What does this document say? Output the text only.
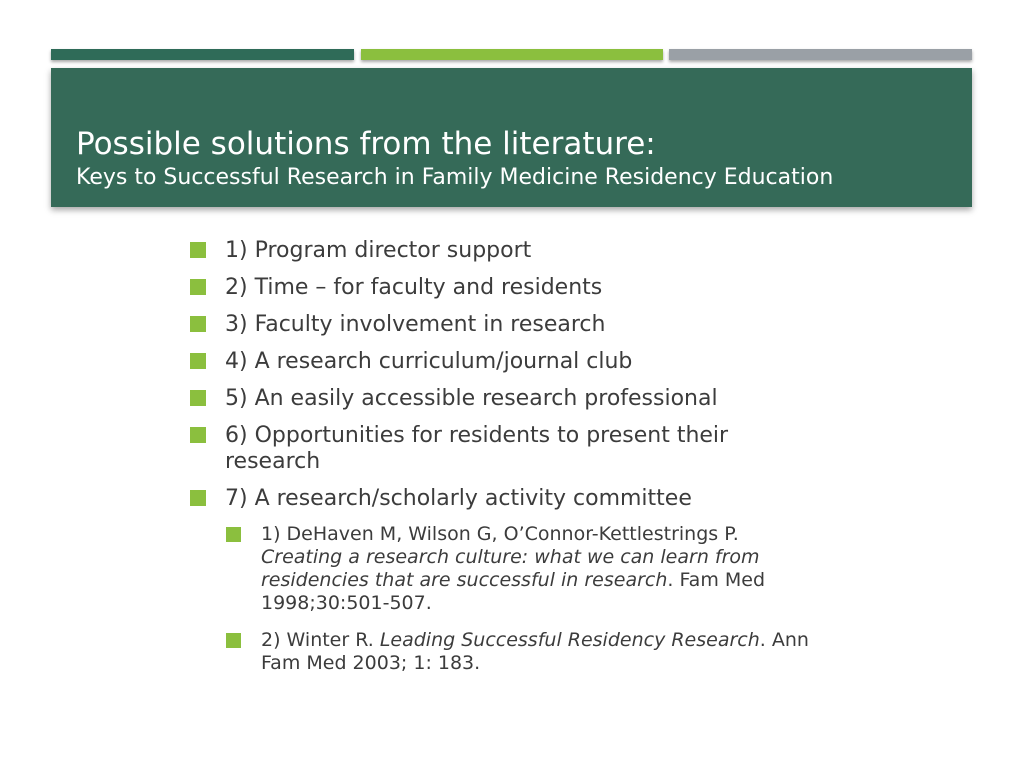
Possible solutions from the literature:
Keys to Successful Research in Family Medicine Residency Education
1) Program director support
2) Time – for faculty and residents
3) Faculty involvement in research
4) A research curriculum/journal club
5) An easily accessible research professional
6) Opportunities for residents to present their research
7) A research/scholarly activity committee
1) DeHaven M, Wilson G, O’Connor-Kettlestrings P. Creating a research culture: what we can learn from residencies that are successful in research. Fam Med 1998;30:501-507.
2) Winter R. Leading Successful Residency Research. Ann Fam Med 2003; 1: 183.
